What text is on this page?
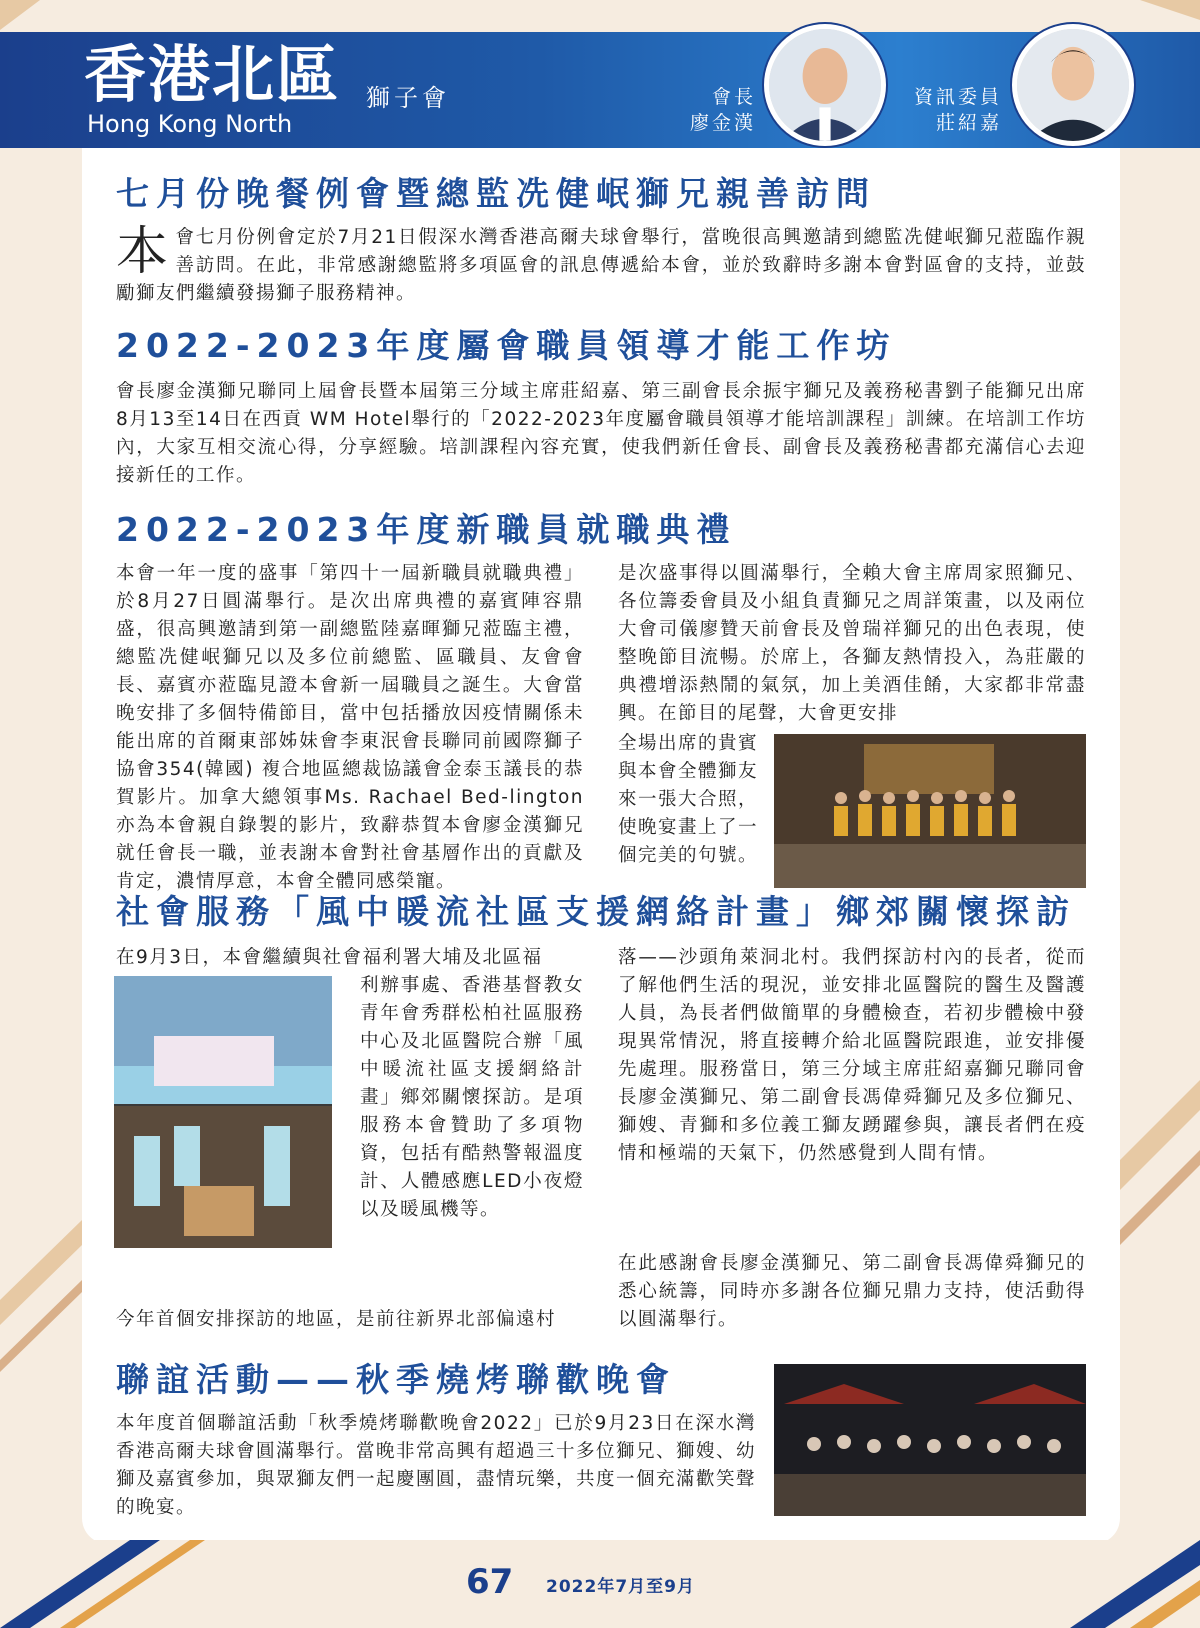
香港北區 獅子會
Hong Kong North
會長
廖金漢
資訊委員
莊紹嘉
七月份晚餐例會暨總監冼健岷獅兄親善訪問
本會七月份例會定於7月21日假深水灣香港高爾夫球會舉行，當晚很高興邀請到總監冼健岷獅兄蒞臨作親善訪問。在此，非常感謝總監將多項區會的訊息傳遞給本會，並於致辭時多謝本會對區會的支持，並鼓勵獅友們繼續發揚獅子服務精神。
2022-2023年度屬會職員領導才能工作坊

會長廖金漢獅兄聯同上屆會長暨本屆第三分域主席莊紹嘉、第三副會長余振宇獅兄及義務秘書劉子能獅兄出席8月13至14日在西貢 WM Hotel舉行的「2022-2023年度屬會職員領導才能培訓課程」訓練。在培訓工作坊內，大家互相交流心得，分享經驗。培訓課程內容充實，使我們新任會長、副會長及義務秘書都充滿信心去迎接新任的工作。

2022-2023年度新職員就職典禮

本會一年一度的盛事「第四十一屆新職員就職典禮」於8月27日圓滿舉行。是次出席典禮的嘉賓陣容鼎盛，很高興邀請到第一副總監陸嘉暉獅兄蒞臨主禮，總監冼健岷獅兄以及多位前總監、區職員、友會會長、嘉賓亦蒞臨見證本會新一屆職員之誕生。大會當晚安排了多個特備節目，當中包括播放因疫情關係未能出席的首爾東部姊妹會李東泯會長聯同前國際獅子協會354(韓國) 複合地區總裁協議會金泰玉議長的恭賀影片。加拿大總領事Ms. Rachael Bed-lington亦為本會親自錄製的影片，致辭恭賀本會廖金漢獅兄就任會長一職，並表謝本會對社會基層作出的貢獻及肯定，濃情厚意，本會全體同感榮寵。

是次盛事得以圓滿舉行，全賴大會主席周家照獅兄、各位籌委會員及小組負責獅兄之周詳策畫，以及兩位大會司儀廖贊天前會長及曾瑞祥獅兄的出色表現，使整晚節目流暢。於席上，各獅友熱情投入，為莊嚴的典禮增添熱鬧的氣氛，加上美酒佳餚，大家都非常盡興。在節目的尾聲，大會更安排

全場出席的貴賓與本會全體獅友來一張大合照，使晚宴畫上了一個完美的句號。

社會服務「風中暖流社區支援網絡計畫」鄉郊關懷探訪

在9月3日，本會繼續與社會福利署大埔及北區福

利辦事處、香港基督教女青年會秀群松柏社區服務中心及北區醫院合辦「風中暖流社區支援網絡計畫」鄉郊關懷探訪。是項服務本會贊助了多項物資，包括有酷熱警報溫度計、人體感應LED小夜燈以及暖風機等。

今年首個安排探訪的地區，是前往新界北部偏遠村

落——沙頭角萊洞北村。我們探訪村內的長者，從而了解他們生活的現況，並安排北區醫院的醫生及醫護人員，為長者們做簡單的身體檢查，若初步體檢中發現異常情況，將直接轉介給北區醫院跟進，並安排優先處理。服務當日，第三分域主席莊紹嘉獅兄聯同會長廖金漢獅兄、第二副會長馮偉舜獅兄及多位獅兄、獅嫂、青獅和多位義工獅友踴躍參與，讓長者們在疫情和極端的天氣下，仍然感覺到人間有情。

在此感謝會長廖金漢獅兄、第二副會長馮偉舜獅兄的悉心統籌，同時亦多謝各位獅兄鼎力支持，使活動得以圓滿舉行。

聯誼活動——秋季燒烤聯歡晚會

本年度首個聯誼活動「秋季燒烤聯歡晚會2022」已於9月23日在深水灣香港高爾夫球會圓滿舉行。當晚非常高興有超過三十多位獅兄、獅嫂、幼獅及嘉賓參加，與眾獅友們一起慶團圓，盡情玩樂，共度一個充滿歡笑聲的晚宴。

67 2022年7月至9月
